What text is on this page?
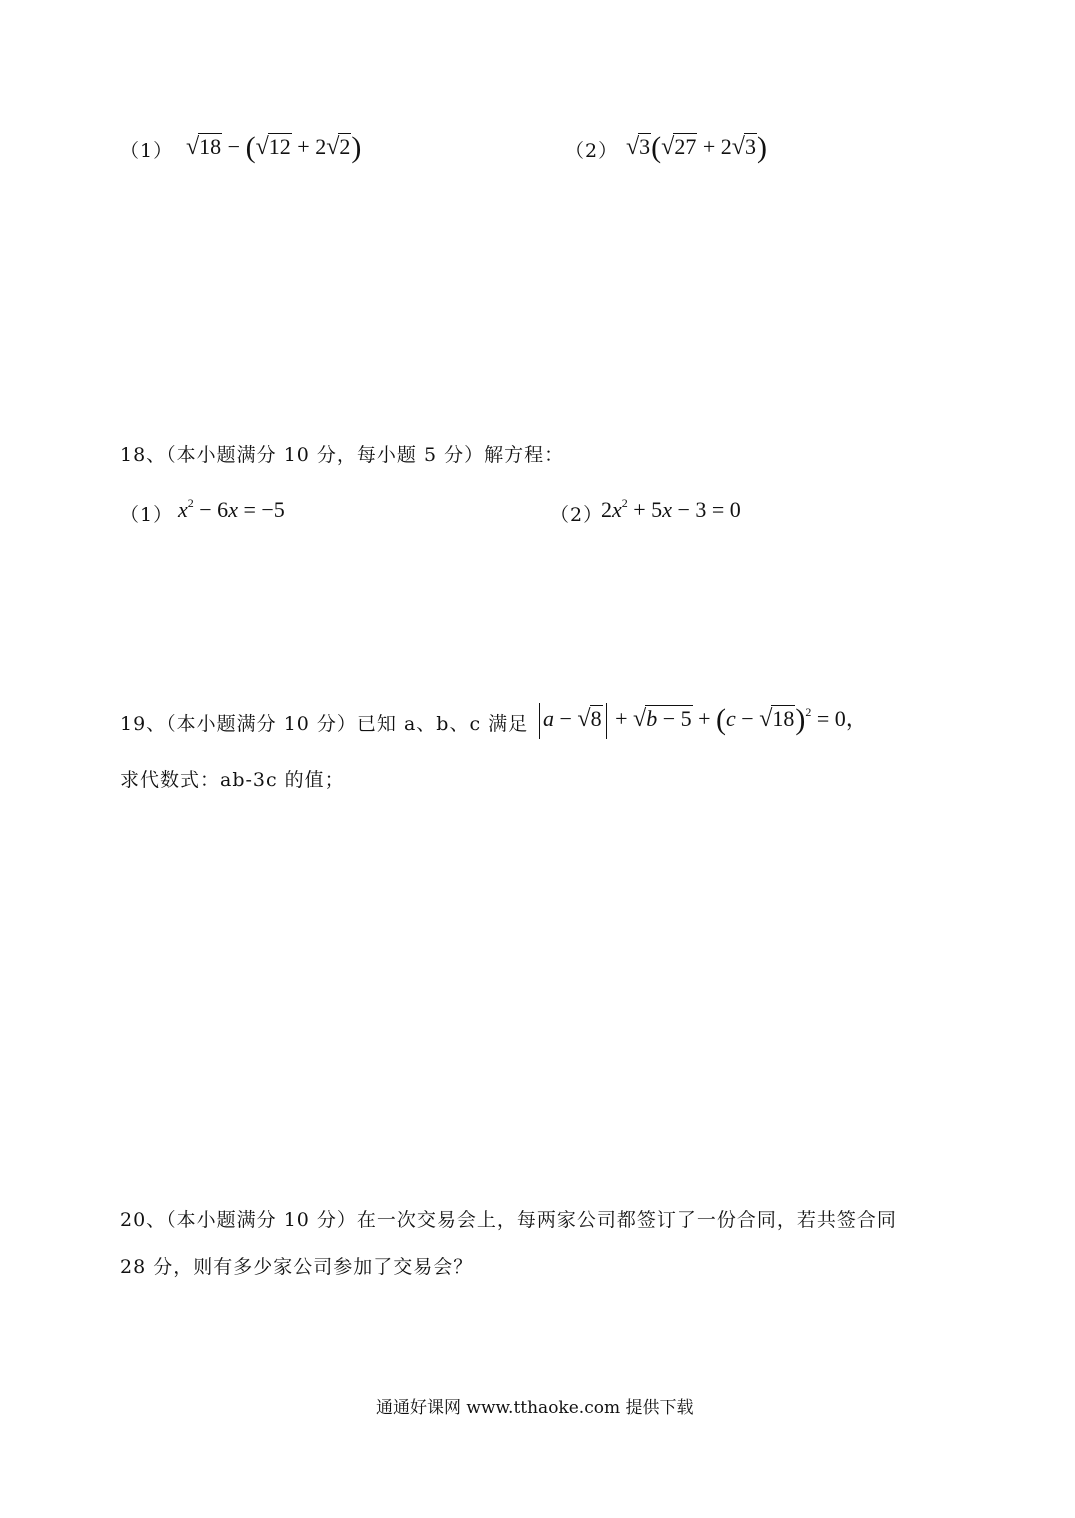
（1） √18 − (√12 + 2√2)	（2） √3(√27 + 2√3)
18、（本小题满分 10 分，每小题 5 分）解方程：
（1） $x^2 - 6x = -5$	（2）
$2x^2 + 5x - 3 = 0$
19、（本小题满分 10 分）已知 a、b、c 满足 $a - √8 + √b - 5 + (c - √18)^2 = 0$，
求代数式：ab-3c 的值；
20、（本小题满分 10 分）在一次交易会上，每两家公司都签订了一份合同，若共签合同
28 分，则有多少家公司参加了交易会？
通通好课网 www.tthaoke.com 提供下载
